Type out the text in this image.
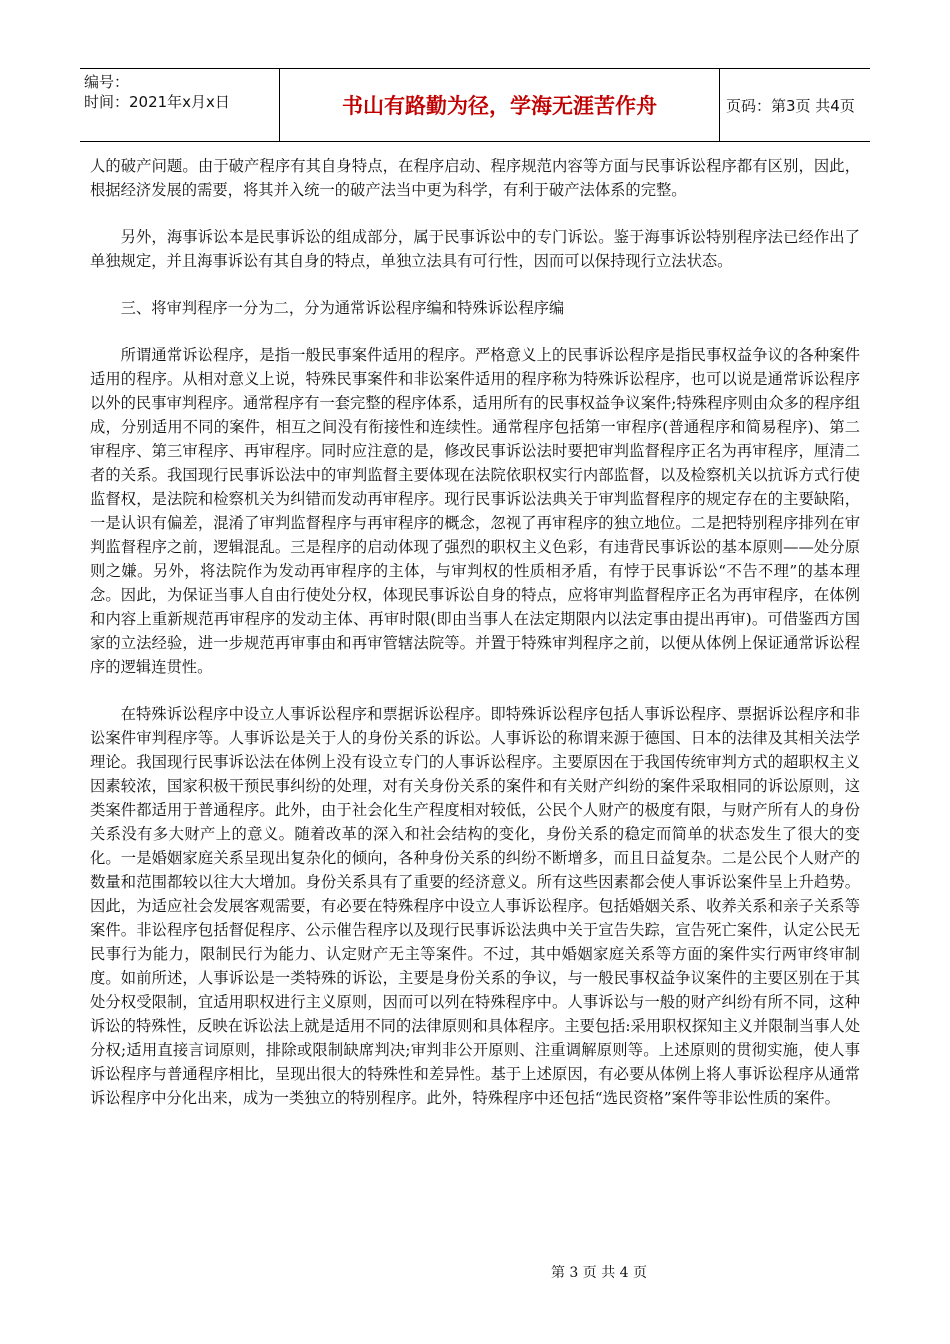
编号：
时间：2021年x月x日	书山有路勤为径，学海无涯苦作舟	页码：第3页 共4页

人的破产问题。由于破产程序有其自身特点，在程序启动、程序规范内容等方面与民事诉讼程序都有区别，因此，根据经济发展的需要，将其并入统一的破产法当中更为科学，有利于破产法体系的完整。

另外，海事诉讼本是民事诉讼的组成部分，属于民事诉讼中的专门诉讼。鉴于海事诉讼特别程序法已经作出了单独规定，并且海事诉讼有其自身的特点，单独立法具有可行性，因而可以保持现行立法状态。

三、将审判程序一分为二，分为通常诉讼程序编和特殊诉讼程序编

所谓通常诉讼程序，是指一般民事案件适用的程序。严格意义上的民事诉讼程序是指民事权益争议的各种案件适用的程序。从相对意义上说，特殊民事案件和非讼案件适用的程序称为特殊诉讼程序，也可以说是通常诉讼程序以外的民事审判程序。通常程序有一套完整的程序体系，适用所有的民事权益争议案件;特殊程序则由众多的程序组成，分别适用不同的案件，相互之间没有衔接性和连续性。通常程序包括第一审程序(普通程序和简易程序)、第二审程序、第三审程序、再审程序。同时应注意的是，修改民事诉讼法时要把审判监督程序正名为再审程序，厘清二者的关系。我国现行民事诉讼法中的审判监督主要体现在法院依职权实行内部监督，以及检察机关以抗诉方式行使监督权，是法院和检察机关为纠错而发动再审程序。现行民事诉讼法典关于审判监督程序的规定存在的主要缺陷，一是认识有偏差，混淆了审判监督程序与再审程序的概念，忽视了再审程序的独立地位。二是把特别程序排列在审判监督程序之前，逻辑混乱。三是程序的启动体现了强烈的职权主义色彩，有违背民事诉讼的基本原则——处分原则之嫌。另外，将法院作为发动再审程序的主体，与审判权的性质相矛盾，有悖于民事诉讼“不告不理”的基本理念。因此，为保证当事人自由行使处分权，体现民事诉讼自身的特点，应将审判监督程序正名为再审程序，在体例和内容上重新规范再审程序的发动主体、再审时限(即由当事人在法定期限内以法定事由提出再审)。可借鉴西方国家的立法经验，进一步规范再审事由和再审管辖法院等。并置于特殊审判程序之前，以便从体例上保证通常诉讼程序的逻辑连贯性。

在特殊诉讼程序中设立人事诉讼程序和票据诉讼程序。即特殊诉讼程序包括人事诉讼程序、票据诉讼程序和非讼案件审判程序等。人事诉讼是关于人的身份关系的诉讼。人事诉讼的称谓来源于德国、日本的法律及其相关法学理论。我国现行民事诉讼法在体例上没有设立专门的人事诉讼程序。主要原因在于我国传统审判方式的超职权主义因素较浓，国家积极干预民事纠纷的处理，对有关身份关系的案件和有关财产纠纷的案件采取相同的诉讼原则，这类案件都适用于普通程序。此外，由于社会化生产程度相对较低，公民个人财产的极度有限，与财产所有人的身份关系没有多大财产上的意义。随着改革的深入和社会结构的变化，身份关系的稳定而简单的状态发生了很大的变化。一是婚姻家庭关系呈现出复杂化的倾向，各种身份关系的纠纷不断增多，而且日益复杂。二是公民个人财产的数量和范围都较以往大大增加。身份关系具有了重要的经济意义。所有这些因素都会使人事诉讼案件呈上升趋势。因此，为适应社会发展客观需要，有必要在特殊程序中设立人事诉讼程序。包括婚姻关系、收养关系和亲子关系等案件。非讼程序包括督促程序、公示催告程序以及现行民事诉讼法典中关于宣告失踪，宣告死亡案件，认定公民无民事行为能力，限制民行为能力、认定财产无主等案件。不过，其中婚姻家庭关系等方面的案件实行两审终审制度。如前所述，人事诉讼是一类特殊的诉讼，主要是身份关系的争议，与一般民事权益争议案件的主要区别在于其处分权受限制，宜适用职权进行主义原则，因而可以列在特殊程序中。人事诉讼与一般的财产纠纷有所不同，这种诉讼的特殊性，反映在诉讼法上就是适用不同的法律原则和具体程序。主要包括:采用职权探知主义并限制当事人处分权;适用直接言词原则，排除或限制缺席判决;审判非公开原则、注重调解原则等。上述原则的贯彻实施，使人事诉讼程序与普通程序相比，呈现出很大的特殊性和差异性。基于上述原因，有必要从体例上将人事诉讼程序从通常诉讼程序中分化出来，成为一类独立的特别程序。此外，特殊程序中还包括“选民资格”案件等非讼性质的案件。

第 3 页 共 4 页
